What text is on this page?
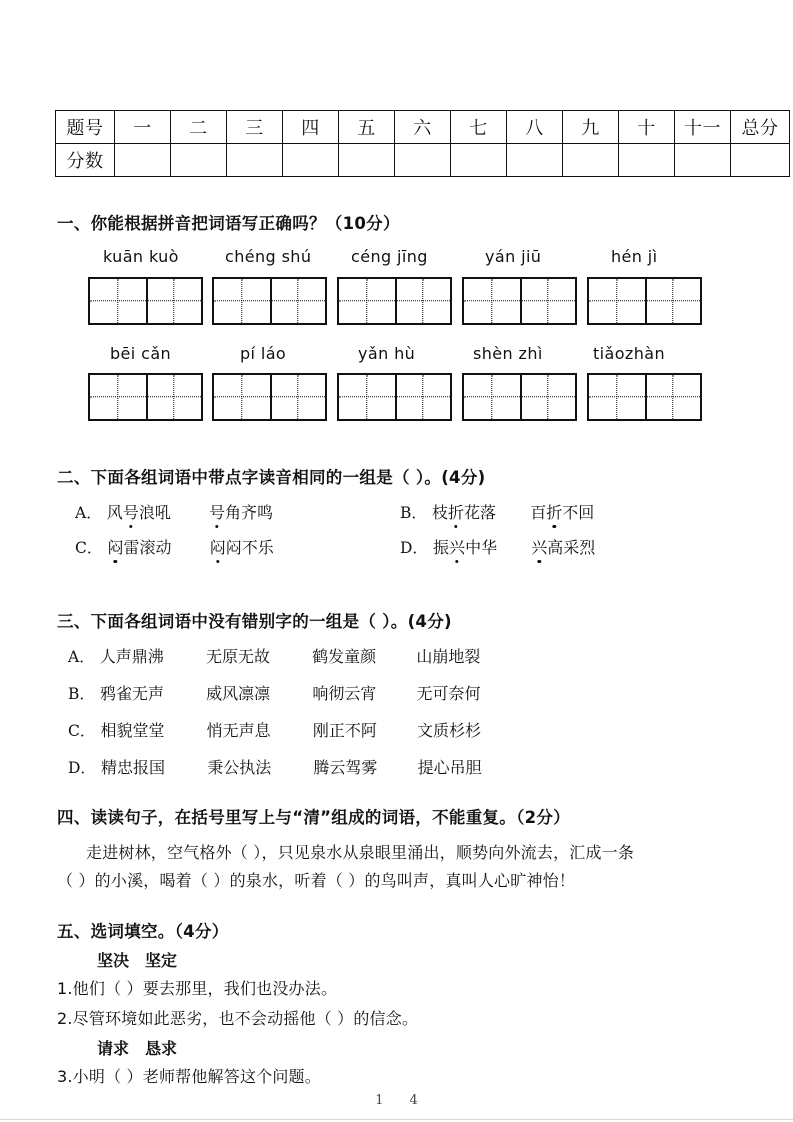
题号	一	二	三	四	五	六	七	八	九	十	十一	总分
分数												
一、你能根据拼音把词语写正确吗？（10分）
kuān kuò	chéng shú céng jīng	yán jiū	hén jì
bēi cǎn	pí láo	yǎn hù	shèn zhì	tiǎozhàn
二、下面各组词语中带点字读音相同的一组是（ ）。(4分)
A． 风号浪吼 号角齐鸣	B． 枝折花落 百折不回
C． 闷雷滚动 闷闷不乐	D． 振兴中华 兴高采烈
三、下面各组词语中没有错别字的一组是（ ）。(4分)
A． 人声鼎沸	无原无故	鹤发童颜	山崩地裂
B． 鸦雀无声	威风凛凛	响彻云宵	无可奈何
C． 相貌堂堂	悄无声息	刚正不阿	文质杉杉
D． 精忠报国	秉公执法	腾云驾雾	提心吊胆
四、读读句子，在括号里写上与“清”组成的词语，不能重复。（2分）
走进树林，空气格外（ ），只见泉水从泉眼里涌出，顺势向外流去，汇成一条
（ ）的小溪，喝着（ ）的泉水，听着（ ）的鸟叫声，真叫人心旷神怡！
五、选词填空。（4分）
坚决　坚定
1.他们（ ）要去那里，我们也没办法。
2.尽管环境如此恶劣，也不会动摇他（ ）的信念。
请求　恳求
3.小明（ ）老师帮他解答这个问题。
1 4
